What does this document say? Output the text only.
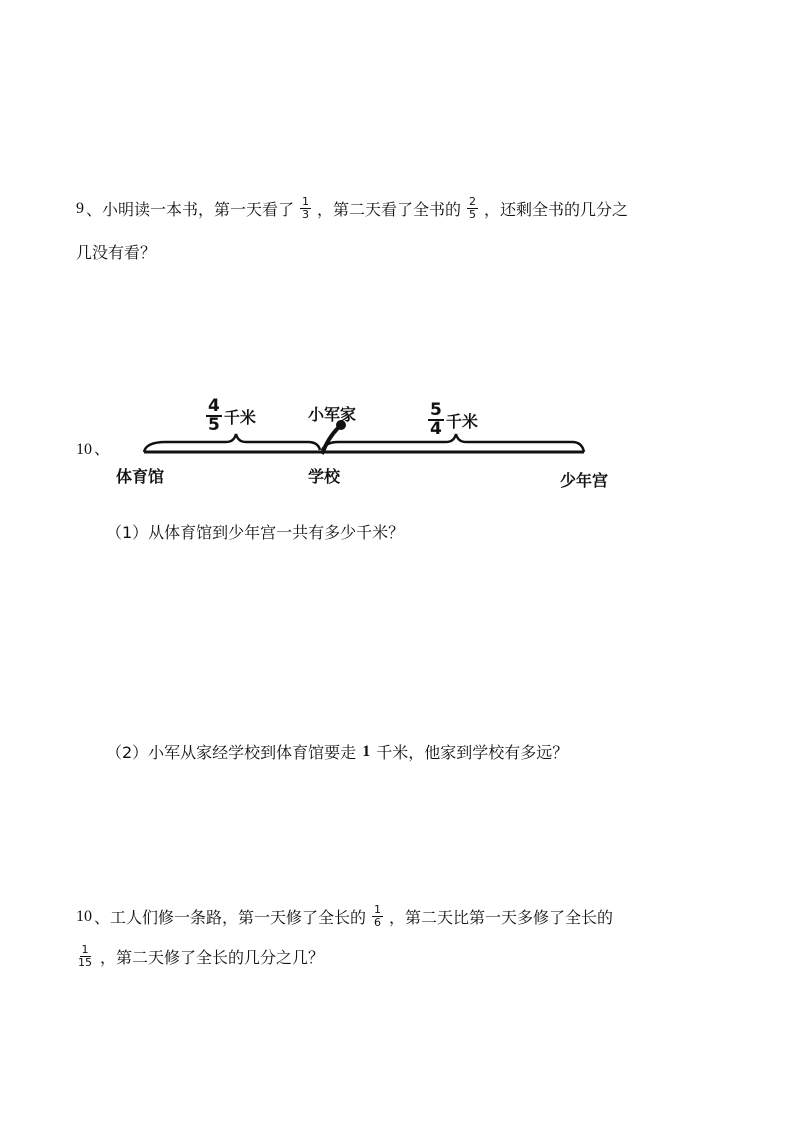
9 、 小明读一本书，第一天看了 $\frac{1}{3}$ ，第二天看了全书的 $\frac{2}{5}$ ，还剩全书的几分之
几没有看？
10 、
$\frac{4}{5}$ 千米	小军家	$\frac{5}{4}$ 千米
体育馆	学校	少年宫
（1）从体育馆到少年宫一共有多少千米？
（2）小军从家经学校到体育馆要走 1 千米，他家到学校有多远？
10 、 工人们修一条路，第一天修了全长的 $\frac{1}{6}$ ，第二天比第一天多修了全长的
$\frac{1}{15}$ ，第二天修了全长的几分之几？
